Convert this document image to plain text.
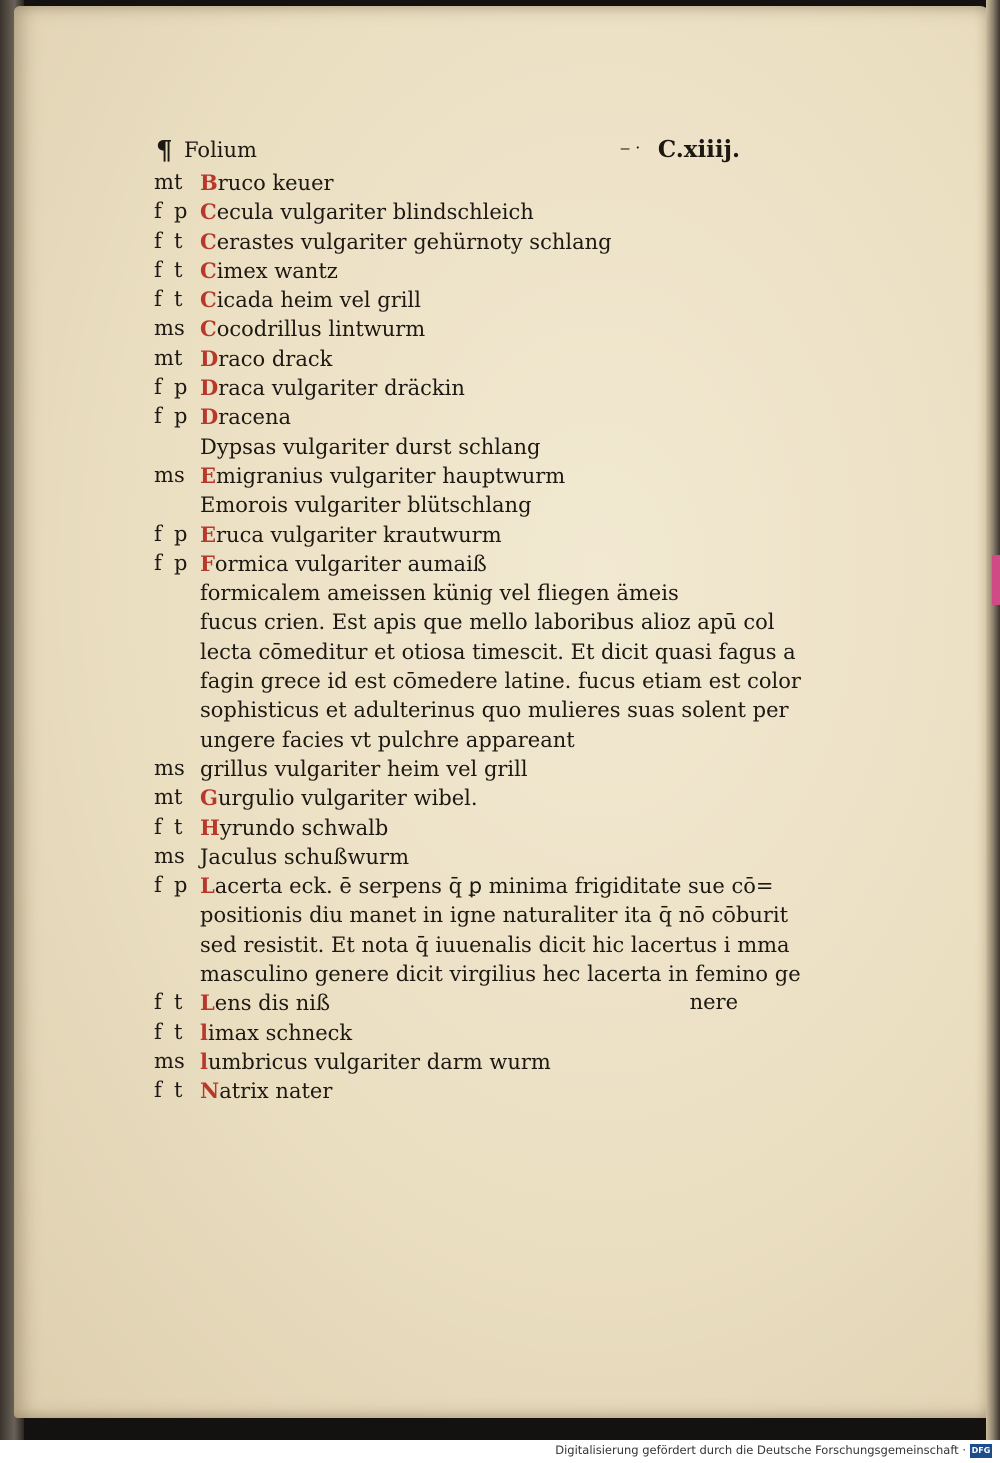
¶ Folium	‒ · C.xiiij.
m t Bruco keuer
f p Cecula vulgariter blindschleich
f t Cerastes vulgariter gehürnoty schlang
f t Cimex wantz
f t Cicada heim vel grill
m s Cocodrillus lintwurm
m t Draco drack
f p Draca vulgariter dräckin
f p Dracena
Dypsas vulgariter durst schlang
m s Emigranius vulgariter hauptwurm
Emorois vulgariter blütschlang
f p Eruca vulgariter krautwurm
f p Formica vulgariter aumaiß
formicalem ameissen künig vel fliegen ämeis
fucus crien. Est apis que mello laboribus alioz apū col
lecta cōmeditur et otiosa timescit. Et dicit quasi fagus a
fagin grece id est cōmedere latine. fucus etiam est color
sophisticus et adulterinus quo mulieres suas solent per
ungere facies vt pulchre appareant
m s grillus vulgariter heim vel grill
m t Gurgulio vulgariter wibel.
f t Hyrundo schwalb
m s Jaculus schußwurm
f p Lacerta eck. ē serpens q̄ ꝑ minima frigiditate sue cō=
positionis diu manet in igne naturaliter ita q̄ nō cōburit
sed resistit. Et nota q̄ iuuenalis dicit hic lacertus i mma
masculino genere dicit virgilius hec lacerta in femino ge
f t Lens dis niß	nere
f t limax schneck
m s lumbricus vulgariter darm wurm
f t Natrix nater
Digitalisierung gefördert durch die Deutsche Forschungsgemeinschaft · DFG
